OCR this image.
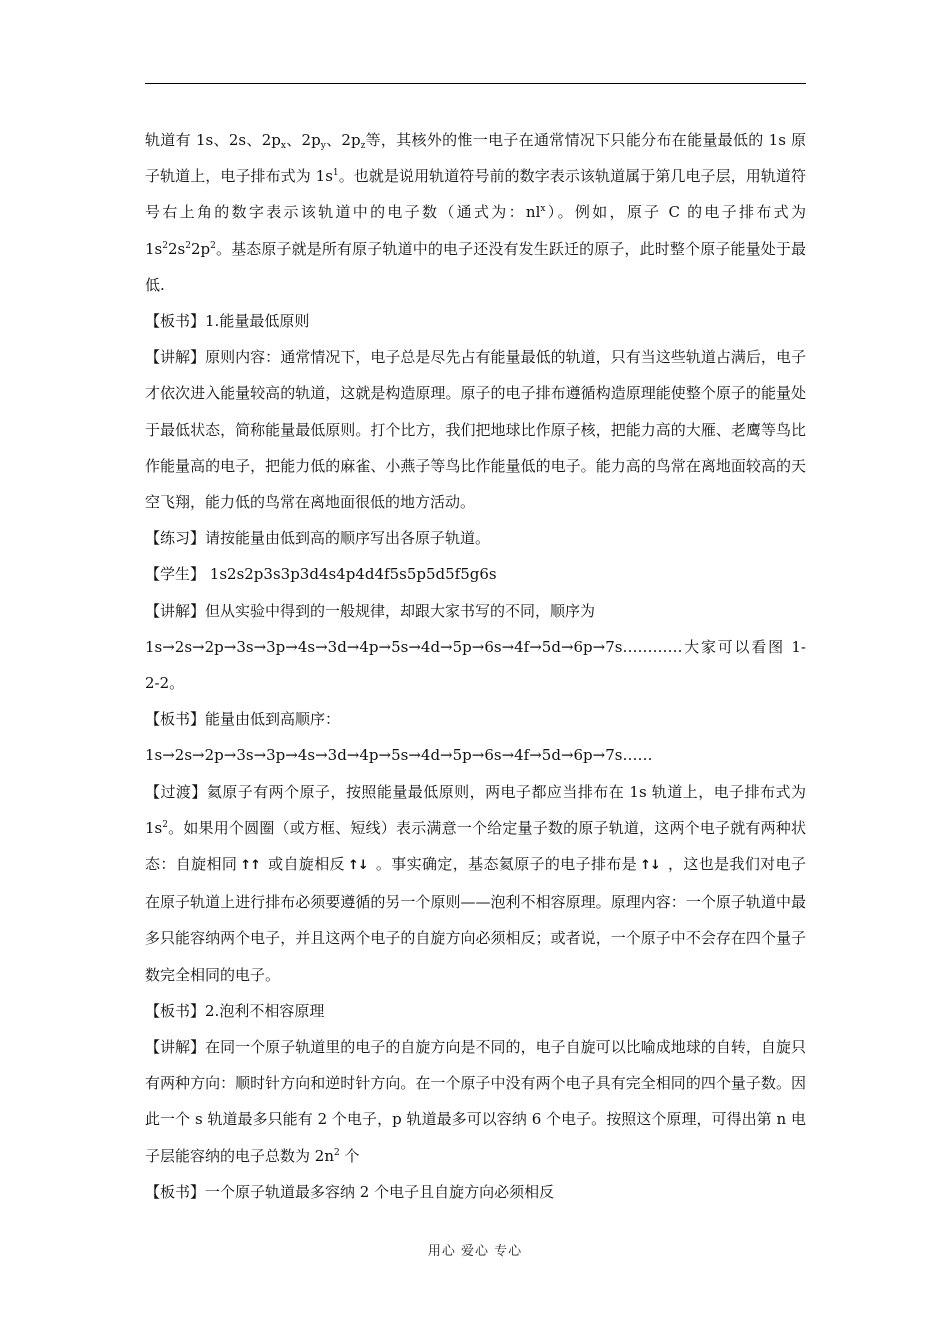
轨道有 1s、2s、$2p_x$、$2p_y$、$2p_z$等，其核外的惟一电子在通常情况下只能分布在能量最低的 1s 原子轨道上，电子排布式为 $1s^1$。也就是说用轨道符号前的数字表示该轨道属于第几电子层，用轨道符号右上角的数字表示该轨道中的电子数（通式为：$nl^x$）。例如，原子 C 的电子排布式为 $1s^22s^22p^2$。基态原子就是所有原子轨道中的电子还没有发生跃迁的原子，此时整个原子能量处于最低.

【板书】1.能量最低原则

【讲解】原则内容：通常情况下，电子总是尽先占有能量最低的轨道，只有当这些轨道占满后，电子才依次进入能量较高的轨道，这就是构造原理。原子的电子排布遵循构造原理能使整个原子的能量处于最低状态，简称能量最低原则。打个比方，我们把地球比作原子核，把能力高的大雁、老鹰等鸟比作能量高的电子，把能力低的麻雀、小燕子等鸟比作能量低的电子。能力高的鸟常在离地面较高的天空飞翔，能力低的鸟常在离地面很低的地方活动。

【练习】请按能量由低到高的顺序写出各原子轨道。

【学生】 1s2s2p3s3p3d4s4p4d4f5s5p5d5f5g6s

【讲解】但从实验中得到的一般规律，却跟大家书写的不同，顺序为

1s→2s→2p→3s→3p→4s→3d→4p→5s→4d→5p→6s→4f→5d→6p→7s…………大家可以看图 1-2-2。

【板书】能量由低到高顺序：

1s→2s→2p→3s→3p→4s→3d→4p→5s→4d→5p→6s→4f→5d→6p→7s……

【过渡】氦原子有两个原子，按照能量最低原则，两电子都应当排布在 1s 轨道上，电子排布式为 $1s^2$。如果用个圆圈（或方框、短线）表示满意一个给定量子数的原子轨道，这两个电子就有两种状态：自旋相同 ↑↑ 或自旋相反 ↑↓ 。事实确定，基态氦原子的电子排布是 ↑↓ ，这也是我们对电子在原子轨道上进行排布必须要遵循的另一个原则——泡利不相容原理。原理内容：一个原子轨道中最多只能容纳两个电子，并且这两个电子的自旋方向必须相反；或者说，一个原子中不会存在四个量子数完全相同的电子。

【板书】2.泡利不相容原理

【讲解】在同一个原子轨道里的电子的自旋方向是不同的，电子自旋可以比喻成地球的自转，自旋只有两种方向：顺时针方向和逆时针方向。在一个原子中没有两个电子具有完全相同的四个量子数。因此一个 s 轨道最多只能有 2 个电子，p 轨道最多可以容纳 6 个电子。按照这个原理，可得出第 n 电子层能容纳的电子总数为 $2n^2$ 个

【板书】一个原子轨道最多容纳 2 个电子且自旋方向必须相反

用心 爱心 专心
